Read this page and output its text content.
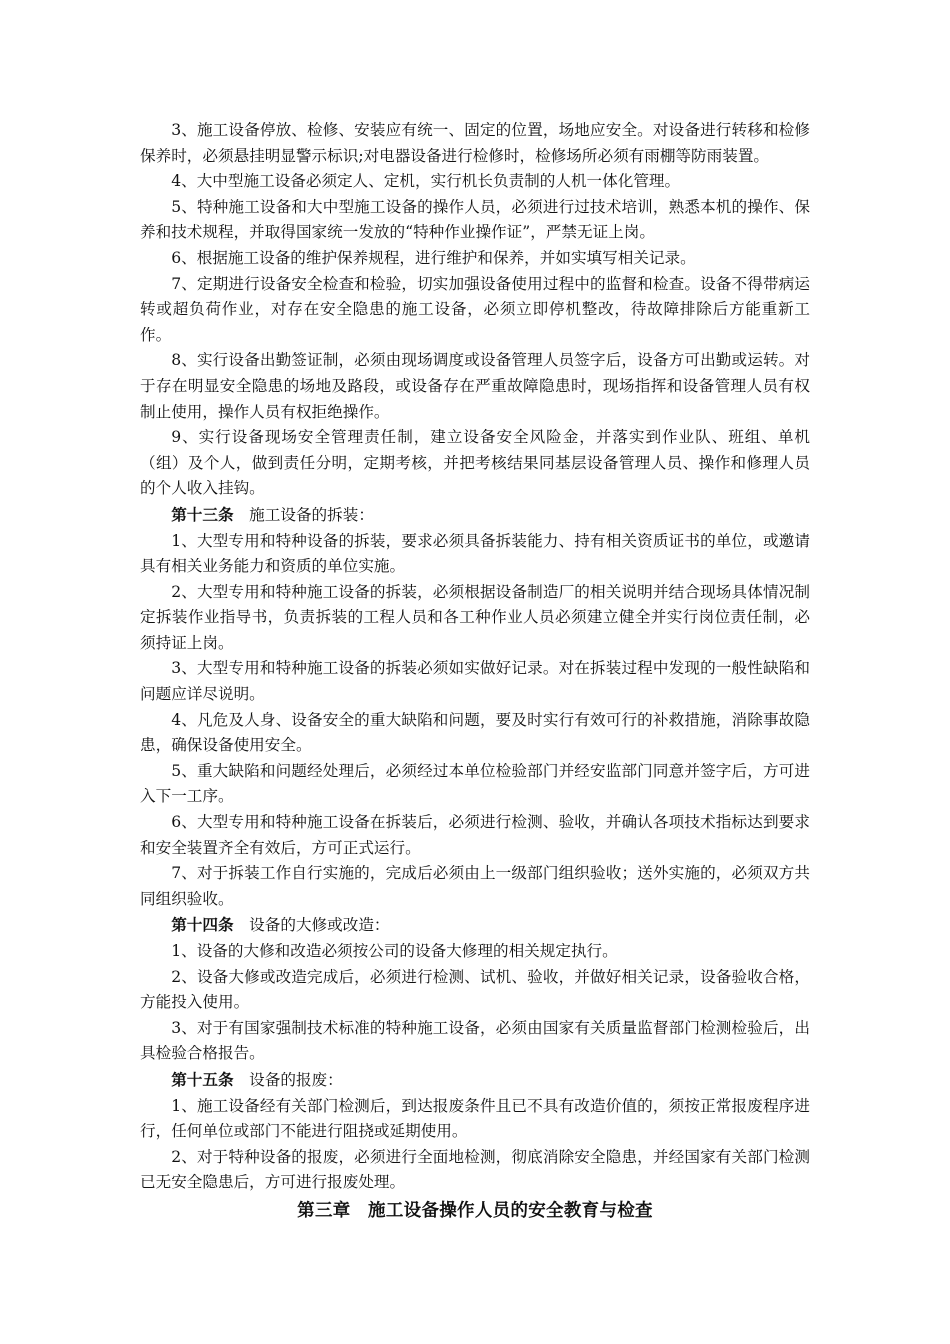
3、施工设备停放、检修、安装应有统一、固定的位置，场地应安全。对设备进行转移和检修保养时，必须悬挂明显警示标识;对电器设备进行检修时，检修场所必须有雨棚等防雨装置。

4、大中型施工设备必须定人、定机，实行机长负责制的人机一体化管理。

5、特种施工设备和大中型施工设备的操作人员，必须进行过技术培训，熟悉本机的操作、保养和技术规程，并取得国家统一发放的“特种作业操作证”，严禁无证上岗。

6、根据施工设备的维护保养规程，进行维护和保养，并如实填写相关记录。

7、定期进行设备安全检查和检验，切实加强设备使用过程中的监督和检查。设备不得带病运转或超负荷作业，对存在安全隐患的施工设备，必须立即停机整改，待故障排除后方能重新工作。

8、实行设备出勤签证制，必须由现场调度或设备管理人员签字后，设备方可出勤或运转。对于存在明显安全隐患的场地及路段，或设备存在严重故障隐患时，现场指挥和设备管理人员有权制止使用，操作人员有权拒绝操作。

9、实行设备现场安全管理责任制，建立设备安全风险金，并落实到作业队、班组、单机（组）及个人，做到责任分明，定期考核，并把考核结果同基层设备管理人员、操作和修理人员的个人收入挂钩。

第十三条 施工设备的拆装：

1、大型专用和特种设备的拆装，要求必须具备拆装能力、持有相关资质证书的单位，或邀请具有相关业务能力和资质的单位实施。

2、大型专用和特种施工设备的拆装，必须根据设备制造厂的相关说明并结合现场具体情况制定拆装作业指导书，负责拆装的工程人员和各工种作业人员必须建立健全并实行岗位责任制，必须持证上岗。

3、大型专用和特种施工设备的拆装必须如实做好记录。对在拆装过程中发现的一般性缺陷和问题应详尽说明。

4、凡危及人身、设备安全的重大缺陷和问题，要及时实行有效可行的补救措施，消除事故隐患，确保设备使用安全。

5、重大缺陷和问题经处理后，必须经过本单位检验部门并经安监部门同意并签字后，方可进入下一工序。

6、大型专用和特种施工设备在拆装后，必须进行检测、验收，并确认各项技术指标达到要求和安全装置齐全有效后，方可正式运行。

7、对于拆装工作自行实施的，完成后必须由上一级部门组织验收；送外实施的，必须双方共同组织验收。

第十四条 设备的大修或改造：

1、设备的大修和改造必须按公司的设备大修理的相关规定执行。

2、设备大修或改造完成后，必须进行检测、试机、验收，并做好相关记录，设备验收合格，方能投入使用。

3、对于有国家强制技术标准的特种施工设备，必须由国家有关质量监督部门检测检验后，出具检验合格报告。

第十五条 设备的报废：

1、施工设备经有关部门检测后，到达报废条件且已不具有改造价值的，须按正常报废程序进行，任何单位或部门不能进行阻挠或延期使用。

2、对于特种设备的报废，必须进行全面地检测，彻底消除安全隐患，并经国家有关部门检测已无安全隐患后，方可进行报废处理。

第三章 施工设备操作人员的安全教育与检查
